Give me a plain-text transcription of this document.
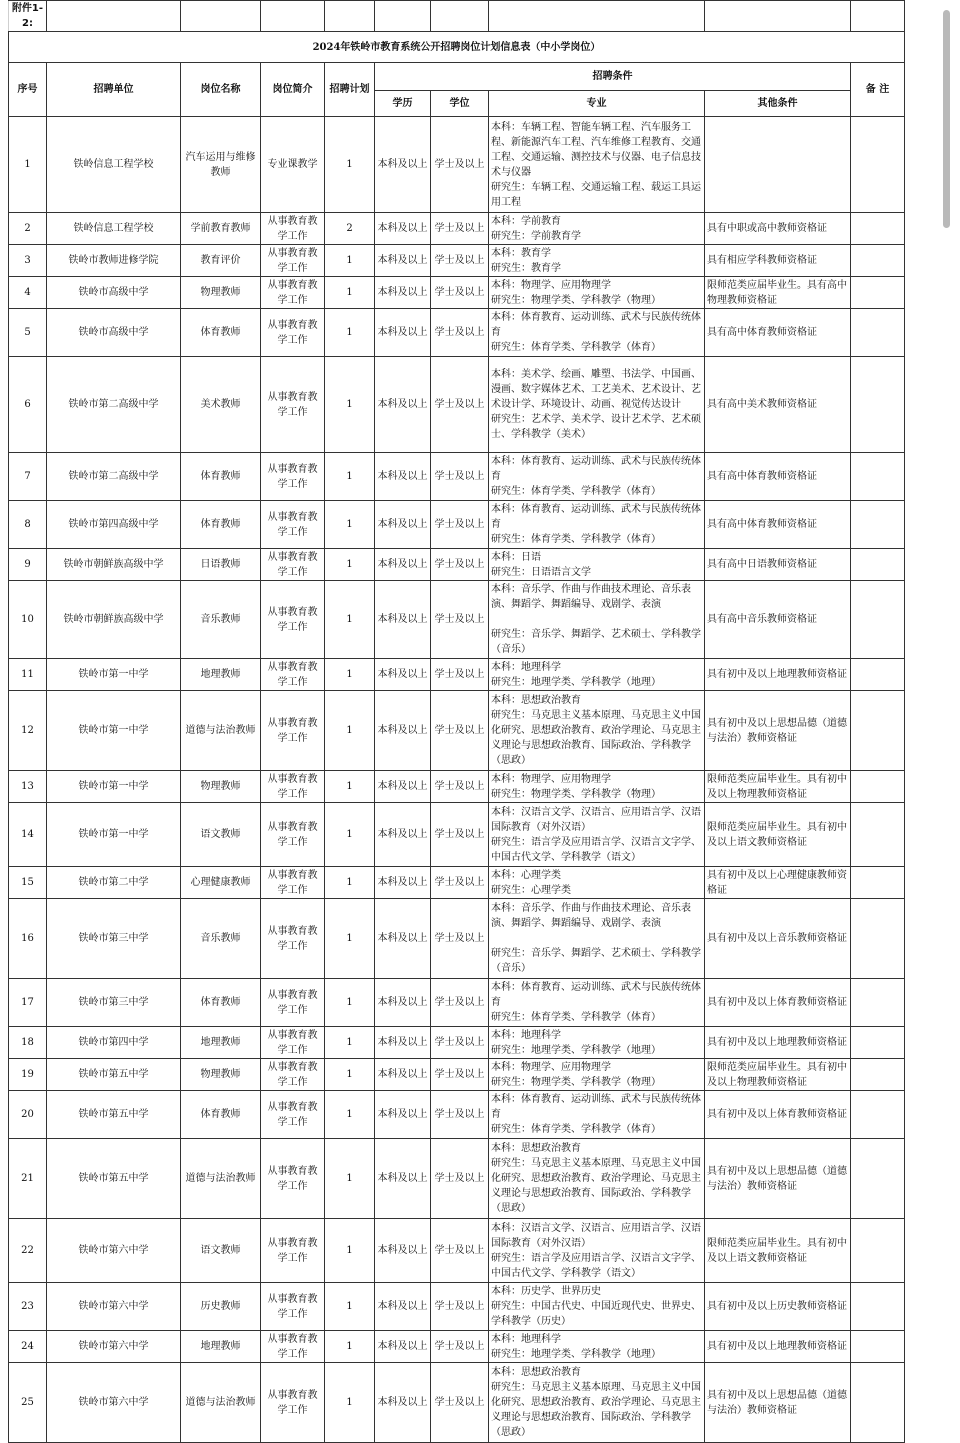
附件1-2:									
2024年铁岭市教育系统公开招聘岗位计划信息表（中小学岗位）									
序号	招聘单位	岗位名称	岗位简介	招聘计划	招聘条件				备 注
					学历	学位	专业	其他条件	
1	铁岭信息工程学校	汽车运用与维修教师	专业课教学	1	本科及以上	学士及以上	本科：车辆工程、智能车辆工程、汽车服务工程、新能源汽车工程、汽车维修工程教育、交通工程、交通运输、测控技术与仪器、电子信息技术与仪器
研究生：车辆工程、交通运输工程、载运工具运用工程		
2	铁岭信息工程学校	学前教育教师	从事教育教学工作	2	本科及以上	学士及以上	本科：学前教育
研究生：学前教育学	具有中职或高中教师资格证	
3	铁岭市教师进修学院	教育评价	从事教育教学工作	1	本科及以上	学士及以上	本科：教育学
研究生：教育学	具有相应学科教师资格证	
4	铁岭市高级中学	物理教师	从事教育教学工作	1	本科及以上	学士及以上	本科：物理学、应用物理学
研究生：物理学类、学科教学（物理）	限师范类应届毕业生。具有高中物理教师资格证	
5	铁岭市高级中学	体育教师	从事教育教学工作	1	本科及以上	学士及以上	本科：体育教育、运动训练、武术与民族传统体育
研究生：体育学类、学科教学（体育）	具有高中体育教师资格证	
6	铁岭市第二高级中学	美术教师	从事教育教学工作	1	本科及以上	学士及以上	本科：美术学、绘画、雕塑、书法学、中国画、漫画、数字媒体艺术、工艺美术、艺术设计、艺术设计学、环境设计、动画、视觉传达设计
研究生：艺术学、美术学、设计艺术学、艺术硕士、学科教学（美术）	具有高中美术教师资格证	
7	铁岭市第二高级中学	体育教师	从事教育教学工作	1	本科及以上	学士及以上	本科：体育教育、运动训练、武术与民族传统体育
研究生：体育学类、学科教学（体育）	具有高中体育教师资格证	
8	铁岭市第四高级中学	体育教师	从事教育教学工作	1	本科及以上	学士及以上	本科：体育教育、运动训练、武术与民族传统体育
研究生：体育学类、学科教学（体育）	具有高中体育教师资格证	
9	铁岭市朝鲜族高级中学	日语教师	从事教育教学工作	1	本科及以上	学士及以上	本科：日语
研究生：日语语言文学	具有高中日语教师资格证	
10	铁岭市朝鲜族高级中学	音乐教师	从事教育教学工作	1	本科及以上	学士及以上	本科：音乐学、作曲与作曲技术理论、音乐表演、舞蹈学、舞蹈编导、戏剧学、表演

研究生：音乐学、舞蹈学、艺术硕士、学科教学（音乐）	具有高中音乐教师资格证	
11	铁岭市第一中学	地理教师	从事教育教学工作	1	本科及以上	学士及以上	本科：地理科学
研究生：地理学类、学科教学（地理）	具有初中及以上地理教师资格证	
12	铁岭市第一中学	道德与法治教师	从事教育教学工作	1	本科及以上	学士及以上	本科：思想政治教育
研究生：马克思主义基本原理、马克思主义中国化研究、思想政治教育、政治学理论、马克思主义理论与思想政治教育、国际政治、学科教学（思政）	具有初中及以上思想品德（道德与法治）教师资格证	
13	铁岭市第一中学	物理教师	从事教育教学工作	1	本科及以上	学士及以上	本科：物理学、应用物理学
研究生：物理学类、学科教学（物理）	限师范类应届毕业生。具有初中及以上物理教师资格证	
14	铁岭市第一中学	语文教师	从事教育教学工作	1	本科及以上	学士及以上	本科：汉语言文学、汉语言、应用语言学、汉语国际教育（对外汉语）
研究生：语言学及应用语言学、汉语言文字学、中国古代文学、学科教学（语文）	限师范类应届毕业生。具有初中及以上语文教师资格证	
15	铁岭市第二中学	心理健康教师	从事教育教学工作	1	本科及以上	学士及以上	本科：心理学类
研究生：心理学类	具有初中及以上心理健康教师资格证	
16	铁岭市第三中学	音乐教师	从事教育教学工作	1	本科及以上	学士及以上	本科：音乐学、作曲与作曲技术理论、音乐表演、舞蹈学、舞蹈编导、戏剧学、表演

研究生：音乐学、舞蹈学、艺术硕士、学科教学（音乐）	具有初中及以上音乐教师资格证	
17	铁岭市第三中学	体育教师	从事教育教学工作	1	本科及以上	学士及以上	本科：体育教育、运动训练、武术与民族传统体育
研究生：体育学类、学科教学（体育）	具有初中及以上体育教师资格证	
18	铁岭市第四中学	地理教师	从事教育教学工作	1	本科及以上	学士及以上	本科：地理科学
研究生：地理学类、学科教学（地理）	具有初中及以上地理教师资格证	
19	铁岭市第五中学	物理教师	从事教育教学工作	1	本科及以上	学士及以上	本科：物理学、应用物理学
研究生：物理学类、学科教学（物理）	限师范类应届毕业生。具有初中及以上物理教师资格证	
20	铁岭市第五中学	体育教师	从事教育教学工作	1	本科及以上	学士及以上	本科：体育教育、运动训练、武术与民族传统体育
研究生：体育学类、学科教学（体育）	具有初中及以上体育教师资格证	
21	铁岭市第五中学	道德与法治教师	从事教育教学工作	1	本科及以上	学士及以上	本科：思想政治教育
研究生：马克思主义基本原理、马克思主义中国化研究、思想政治教育、政治学理论、马克思主义理论与思想政治教育、国际政治、学科教学（思政）	具有初中及以上思想品德（道德与法治）教师资格证	
22	铁岭市第六中学	语文教师	从事教育教学工作	1	本科及以上	学士及以上	本科：汉语言文学、汉语言、应用语言学、汉语国际教育（对外汉语）
研究生：语言学及应用语言学、汉语言文字学、中国古代文学、学科教学（语文）	限师范类应届毕业生。具有初中及以上语文教师资格证	
23	铁岭市第六中学	历史教师	从事教育教学工作	1	本科及以上	学士及以上	本科：历史学、世界历史
研究生：中国古代史、中国近现代史、世界史、学科教学（历史）	具有初中及以上历史教师资格证	
24	铁岭市第六中学	地理教师	从事教育教学工作	1	本科及以上	学士及以上	本科：地理科学
研究生：地理学类、学科教学（地理）	具有初中及以上地理教师资格证	
25	铁岭市第六中学	道德与法治教师	从事教育教学工作	1	本科及以上	学士及以上	本科：思想政治教育
研究生：马克思主义基本原理、马克思主义中国化研究、思想政治教育、政治学理论、马克思主义理论与思想政治教育、国际政治、学科教学（思政）	具有初中及以上思想品德（道德与法治）教师资格证	
